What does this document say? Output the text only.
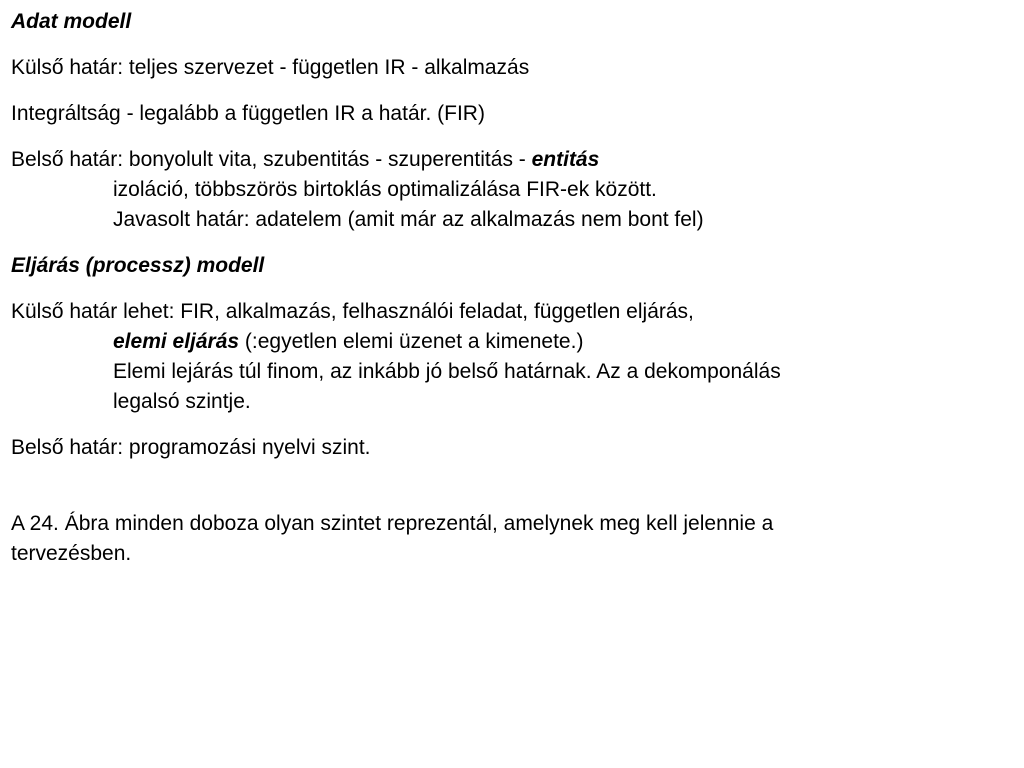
Adat modell
Külső határ: teljes szervezet - független IR - alkalmazás
Integráltság - legalább a független IR a határ. (FIR)
Belső határ: bonyolult vita, szubentitás - szuperentitás - entitás
izoláció, többszörös birtoklás optimalizálása FIR-ek között.
Javasolt határ: adatelem (amit már az alkalmazás nem bont fel)
Eljárás (processz) modell
Külső határ lehet: FIR, alkalmazás, felhasználói feladat, független eljárás,
elemi eljárás (:egyetlen elemi üzenet a kimenete.)
Elemi lejárás túl finom, az inkább jó belső határnak. Az a dekomponálás
legalsó szintje.
Belső határ: programozási nyelvi szint.
A 24. Ábra minden doboza olyan szintet reprezentál, amelynek meg kell jelennie a
tervezésben.
